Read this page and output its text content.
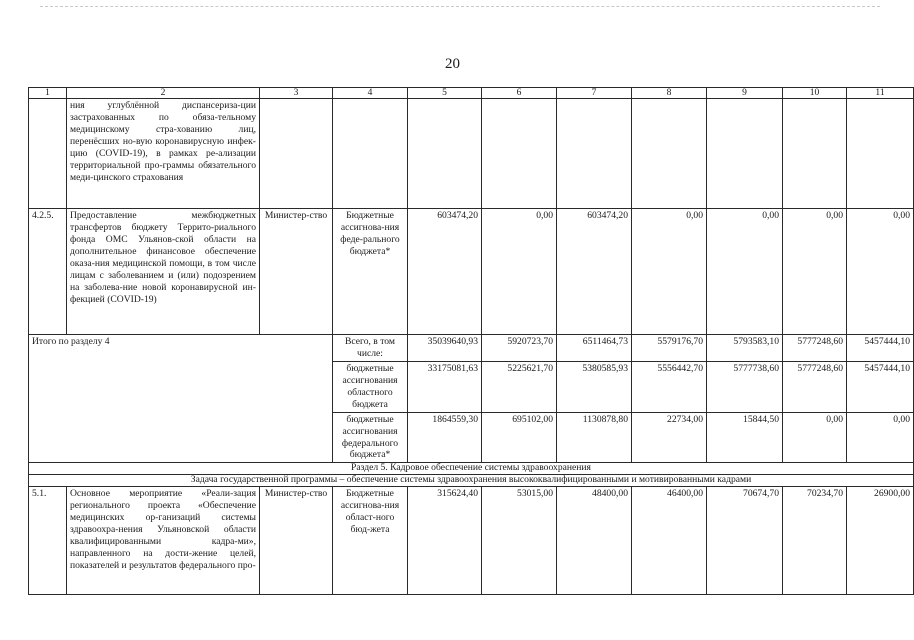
20
1	2	3	4	5	6	7	8	9	10	11
	ния углублённой диспансериза-ции застрахованных по обяза-тельному медицинскому стра-хованию лиц, перенёсших но-вую коронавирусную инфек-цию (COVID-19), в рамках ре-ализации территориальной про-граммы обязательного меди-цинского страхования									
4.2.5.	Предоставление межбюджетных трансфертов бюджету Террито-риального фонда ОМС Ульянов-ской области на дополнительное финансовое обеспечение оказа-ния медицинской помощи, в том числе лицам с заболеванием и (или) подозрением на заболева-ние новой коронавирусной ин-фекцией (COVID-19)	Министер-ство	Бюджетные ассигнова-ния феде-рального бюджета*	603474,20	0,00	603474,20	0,00	0,00	0,00	0,00
Итого по разделу 4			Всего, в том числе:	35039640,93	5920723,70	6511464,73	5579176,70	5793583,10	5777248,60	5457444,10
			бюджетные ассигнования областного бюджета	33175081,63	5225621,70	5380585,93	5556442,70	5777738,60	5777248,60	5457444,10
			бюджетные ассигнования федерального бюджета*	1864559,30	695102,00	1130878,80	22734,00	15844,50	0,00	0,00
Раздел 5. Кадровое обеспечение системы здравоохранения										
Задача государственной программы – обеспечение системы здравоохранения высококвалифицированными и мотивированными кадрами										
5.1.	Основное мероприятие «Реали-зация регионального проекта «Обеспечение медицинских ор-ганизаций системы здравоохра-нения Ульяновской области квалифицированными кадра-ми», направленного на дости-жение целей, показателей и результатов федерального про-	Министер-ство	Бюджетные ассигнова-ния област-ного бюд-жета	315624,40	53015,00	48400,00	46400,00	70674,70	70234,70	26900,00
